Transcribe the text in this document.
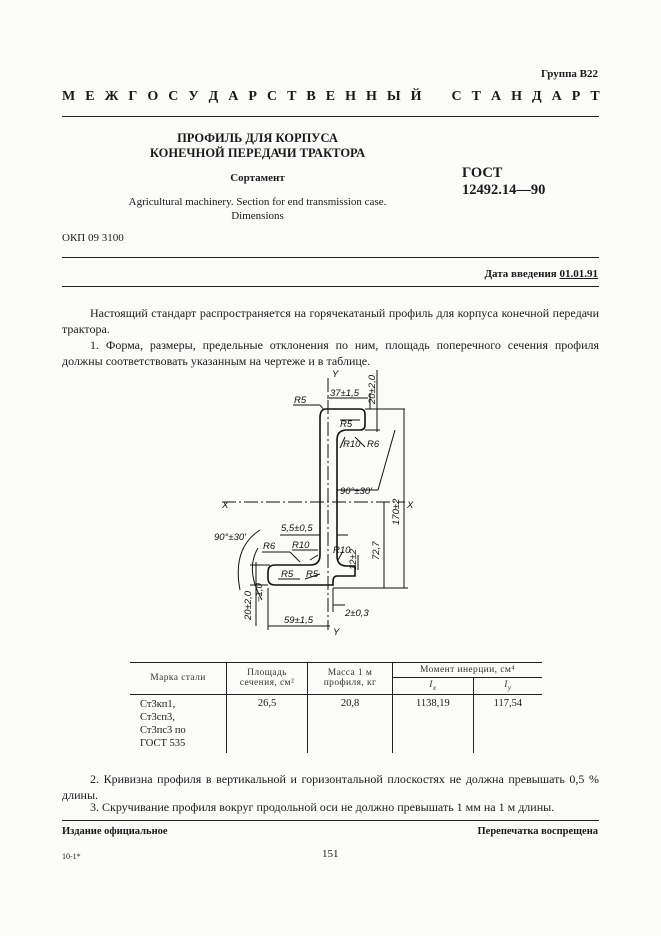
Группа В22
М Е Ж Г О С У Д А Р С Т В Е Н Н Ы Й С Т А Н Д А Р Т
ПРОФИЛЬ ДЛЯ КОРПУСА
КОНЕЧНОЙ ПЕРЕДАЧИ ТРАКТОРА
Сортамент
Agricultural machinery. Section for end transmission case.
Dimensions
ГОСТ
12492.14—90
ОКП 09 3100
Дата введения 01.01.91
Настоящий стандарт распространяется на горячекатаный профиль для корпуса конечной передачи трактора.
1. Форма, размеры, предельные отклонения по ним, площадь поперечного сечения профиля должны соответствовать указанным на чертеже и в таблице.
Y
Y
X	X
37±1,5 20±2,0
R5
R5
R10 R6
90°±30'
170±2
90°±30'
5,5±0,5
R6 R10 R10
12±2 72,7
R5 R5
20±2,0 −1,0
2±0,3
59±1,5
Марка стали	Площадь сечения, см²	Масса 1 м профиля, кг	Момент инерции, см⁴	
			$I_x$	$I_y$

Ст3кп1,
Ст3сп3,
Ст3пс3 по
ГОСТ 535	26,5	20,8	1138,19	117,54
2. Кривизна профиля в вертикальной и горизонтальной плоскостях не должна превышать 0,5 % длины.
3. Скручивание профиля вокруг продольной оси не должно превышать 1 мм на 1 м длины.
Издание официальное	Перепечатка воспрещена
10-1*	151
